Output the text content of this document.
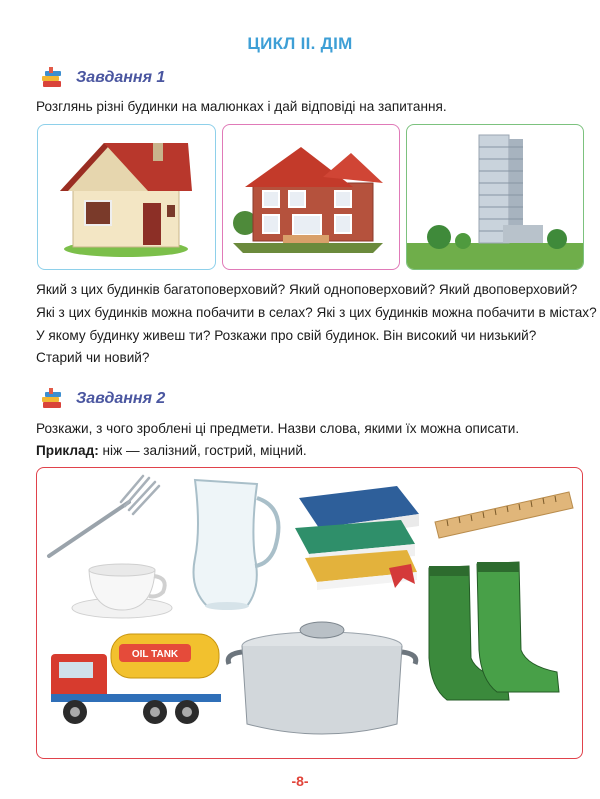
ЦИКЛ ІІ. ДІМ
Завдання 1
Розглянь різні будинки на малюнках і дай відповіді на запитання.
Який з цих будинків багатоповерховий? Який одноповерховий? Який двоповерховий?
Які з цих будинків можна побачити в селах? Які з цих будинків можна побачити в містах?
У якому будинку живеш ти? Розкажи про свій будинок. Він високий чи низький?
Старий чи новий?
Завдання 2
Розкажи, з чого зроблені ці предмети. Назви слова, якими їх можна описати.
Приклад: ніж — залізний, гострий, міцний.
OIL TANK
-8-
